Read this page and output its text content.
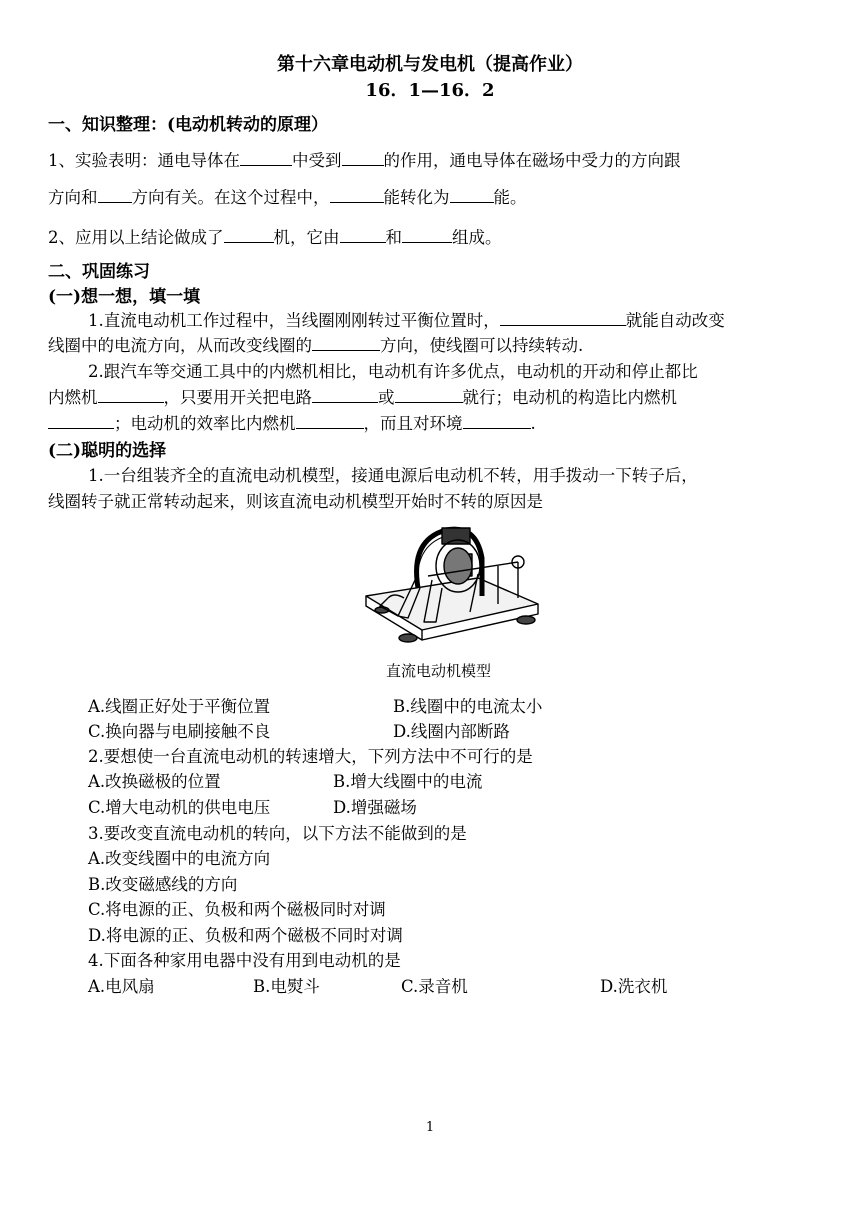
第十六章电动机与发电机（提高作业）
16．1—16．2
一、知识整理：(电动机转动的原理）
1、实验表明：通电导体在	中受到	的作用，通电导体在磁场中受力的方向跟
方向和 方向有关。在这个过程中，	能转化为	能。
2、应用以上结论做成了	机，它由	和	组成。
二、巩固练习
(一)想一想，填一填
1.直流电动机工作过程中，当线圈刚刚转过平衡位置时，	就能自动改变
线圈中的电流方向，从而改变线圈的	方向，使线圈可以持续转动.
2.跟汽车等交通工具中的内燃机相比，电动机有许多优点，电动机的开动和停止都比
内燃机	，只要用开关把电路	或	就行；电动机的构造比内燃机
；电动机的效率比内燃机	，而且对环境	.
(二)聪明的选择
1.一台组装齐全的直流电动机模型，接通电源后电动机不转，用手拨动一下转子后，
线圈转子就正常转动起来，则该直流电动机模型开始时不转的原因是
直流电动机模型
A.线圈正好处于平衡位置	B.线圈中的电流太小
C.换向器与电刷接触不良	D.线圈内部断路
2.要想使一台直流电动机的转速增大，下列方法中不可行的是
A.改换磁极的位置	B.增大线圈中的电流
C.增大电动机的供电电压	D.增强磁场
3.要改变直流电动机的转向，以下方法不能做到的是
A.改变线圈中的电流方向
B.改变磁感线的方向
C.将电源的正、负极和两个磁极同时对调
D.将电源的正、负极和两个磁极不同时对调
4.下面各种家用电器中没有用到电动机的是
A.电风扇	B.电熨斗	C.录音机	D.洗衣机
1
